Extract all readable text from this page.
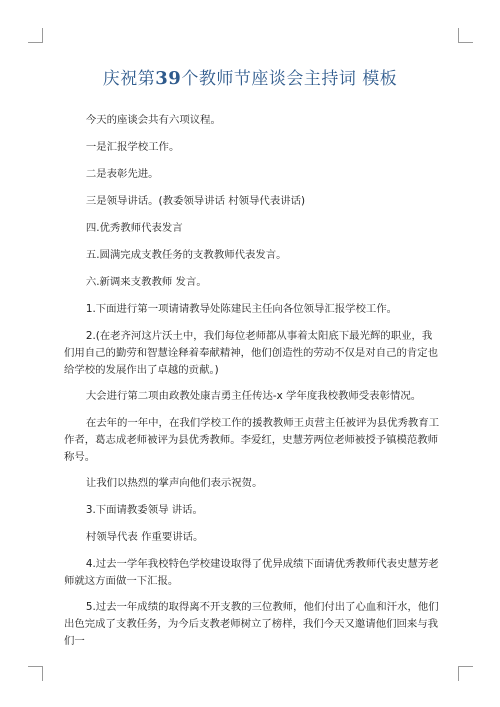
庆祝第39个教师节座谈会主持词 模板

今天的座谈会共有六项议程。

一是汇报学校工作。

二是表彰先进。

三是领导讲话。(教委领导讲话 村领导代表讲话)

四.优秀教师代表发言

五.圆满完成支教任务的支教教师代表发言。

六.新调来支教教师 发言。

1.下面进行第一项请请教导处陈建民主任向各位领导汇报学校工作。

2.(在老齐河这片沃土中，我们每位老师都从事着太阳底下最光辉的职业，我们用自己的勤劳和智慧诠释着奉献精神，他们创造性的劳动不仅是对自己的肯定也给学校的发展作出了卓越的贡献。)

大会进行第二项由政教处康吉勇主任传达-x 学年度我校教师受表彰情况。

在去年的一年中，在我们学校工作的援教教师王贞营主任被评为县优秀教育工作者，葛志成老师被评为县优秀教师。李爱红，史慧芳两位老师被授予镇模范教师称号。

让我们以热烈的掌声向他们表示祝贺。

3.下面请教委领导 讲话。

村领导代表 作重要讲话。

4.过去一学年我校特色学校建设取得了优异成绩下面请优秀教师代表史慧芳老师就这方面做一下汇报。

5.过去一年成绩的取得离不开支教的三位教师，他们付出了心血和汗水，他们出色完成了支教任务，为今后支教老师树立了榜样，我们今天又邀请他们回来与我们一
